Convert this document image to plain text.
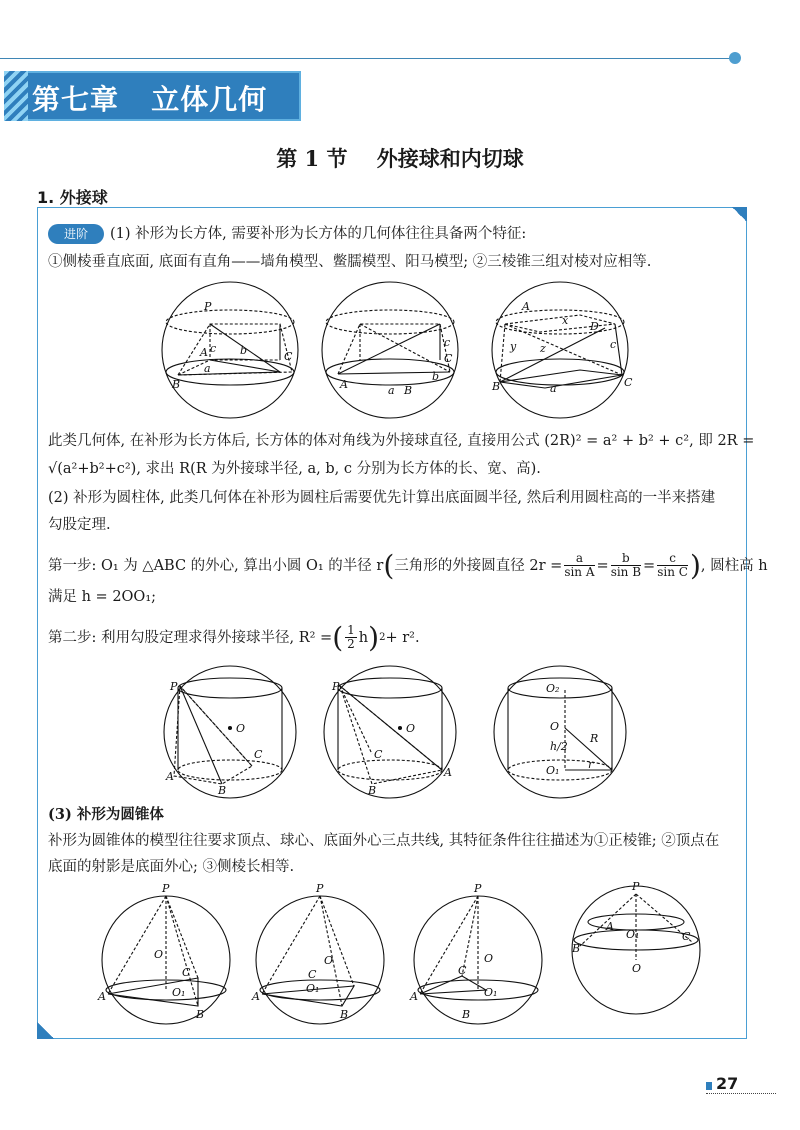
第七章   立体几何
第 1 节    外接球和内切球
1. 外接球
进阶	(1) 补形为长方体, 需要补形为长方体的几何体往往具备两个特征:
①侧棱垂直底面, 底面有直角——墙角模型、鳖臑模型、阳马模型; ②三棱锥三组对棱对应相等.
P
A
B
C
c b
a
A	B
a
c
C
b
A
D
B	C
x
y z	c
a
此类几何体, 在补形为长方体后, 长方体的体对角线为外接球直径, 直接用公式 (2R)² = a² + b² + c², 即 2R =
√(a²+b²+c²), 求出 R(R 为外接球半径, a, b, c 分别为长方体的长、宽、高).
(2) 补形为圆柱体, 此类几何体在补形为圆柱后需要优先计算出底面圆半径, 然后利用圆柱高的一半来搭建
勾股定理.
第一步: O₁ 为 △ABC 的外心, 算出小圆 O₁ 的半径 r ( 三角形的外接圆直径 $2r = \frac{a}{\text{sin A}} = \frac{b}{\text{sin B}} = \frac{c}{\text{sin C}}$ ) , 圆柱高 h
满足 h = 2OO₁;
第二步: 利用勾股定理求得外接球半径, R² = ( $\frac{1}{2}$ h ) 2 + r².
P
O
C
A
B
P
O
C
A
B
O₂
O
h/2
R
O₁	r
(3) 补形为圆锥体
补形为圆锥体的模型往往要求顶点、球心、底面外心三点共线, 其特征条件往往描述为①正棱锥; ②顶点在
底面的射影是底面外心; ③侧棱长相等.
P
O
C
O₁
A
B
P
O
C
O₁
A
B
P
O
C
O₁
A
B
P
A
O₁	C
B
O
27
